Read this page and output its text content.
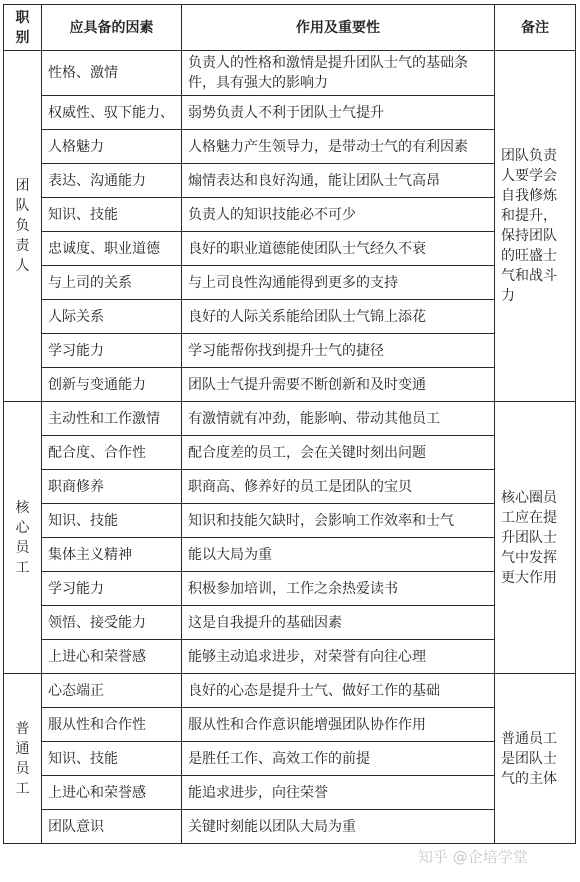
职别	应具备的因素	作用及重要性	备注
团队负责人	性格、激情	负责人的性格和激情是提升团队士气的基础条件，具有强大的影响力	团队负责人要学会自我修炼和提升，保持团队的旺盛士气和战斗力
	权威性、驭下能力、	弱势负责人不利于团队士气提升	
	人格魅力	人格魅力产生领导力，是带动士气的有利因素	
	表达、沟通能力	煽情表达和良好沟通，能让团队士气高昂	
	知识、技能	负责人的知识技能必不可少	
	忠诚度、职业道德	良好的职业道德能使团队士气经久不衰	
	与上司的关系	与上司良性沟通能得到更多的支持	
	人际关系	良好的人际关系能给团队士气锦上添花	
	学习能力	学习能帮你找到提升士气的捷径	
	创新与变通能力	团队士气提升需要不断创新和及时变通	
核心员工	主动性和工作激情	有激情就有冲劲，能影响、带动其他员工	核心圈员工应在提升团队士气中发挥更大作用
	配合度、合作性	配合度差的员工，会在关键时刻出问题	
	职商修养	职商高、修养好的员工是团队的宝贝	
	知识、技能	知识和技能欠缺时，会影响工作效率和士气	
	集体主义精神	能以大局为重	
	学习能力	积极参加培训，工作之余热爱读书	
	领悟、接受能力	这是自我提升的基础因素	
	上进心和荣誉感	能够主动追求进步，对荣誉有向往心理	
普通员工	心态端正	良好的心态是提升士气、做好工作的基础	普通员工是团队士气的主体
	服从性和合作性	服从性和合作意识能增强团队协作作用	
	知识、技能	是胜任工作、高效工作的前提	
	上进心和荣誉感	能追求进步，向往荣誉	
	团队意识	关键时刻能以团队大局为重	
知乎 @企培学堂
